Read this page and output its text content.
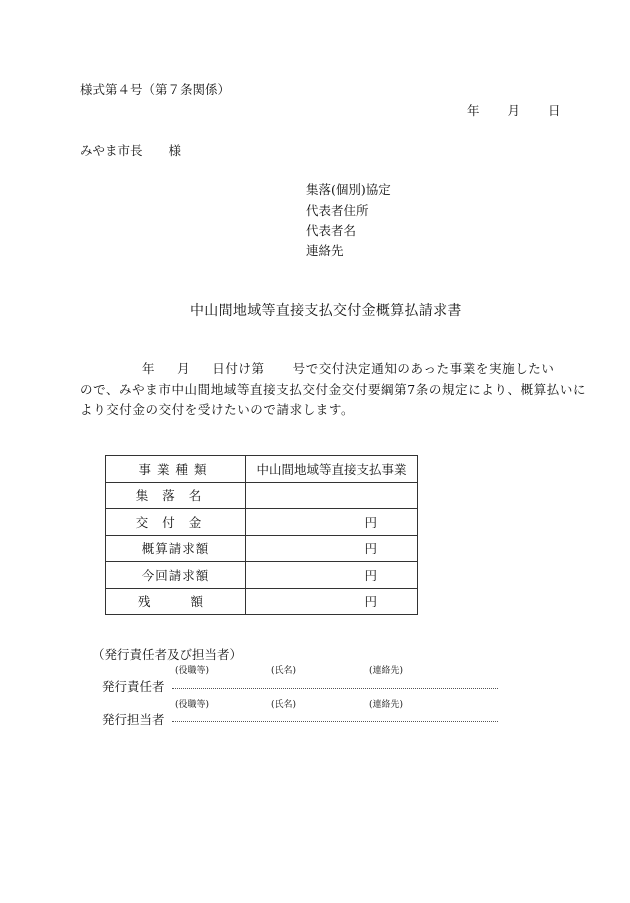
様式第４号（第７条関係）
年 月 日
みやま市長 様
集落(個別)協定
代表者住所
代表者名
連絡先
中山間地域等直接支払交付金概算払請求書
年 月 日付け第 号で交付決定通知のあった事業を実施したい
ので、みやま市中山間地域等直接支払交付金交付要綱第7条の規定により、概算払いに
より交付金の交付を受けたいので請求します。
事業種類	中山間地域等直接支払事業
集落名	
交付金	円
概算請求額	円
今回請求額	円
残額	円
（発行責任者及び担当者）
(役職等)	(氏名)	(連絡先)
発行責任者
(役職等)	(氏名)	(連絡先)
発行担当者
